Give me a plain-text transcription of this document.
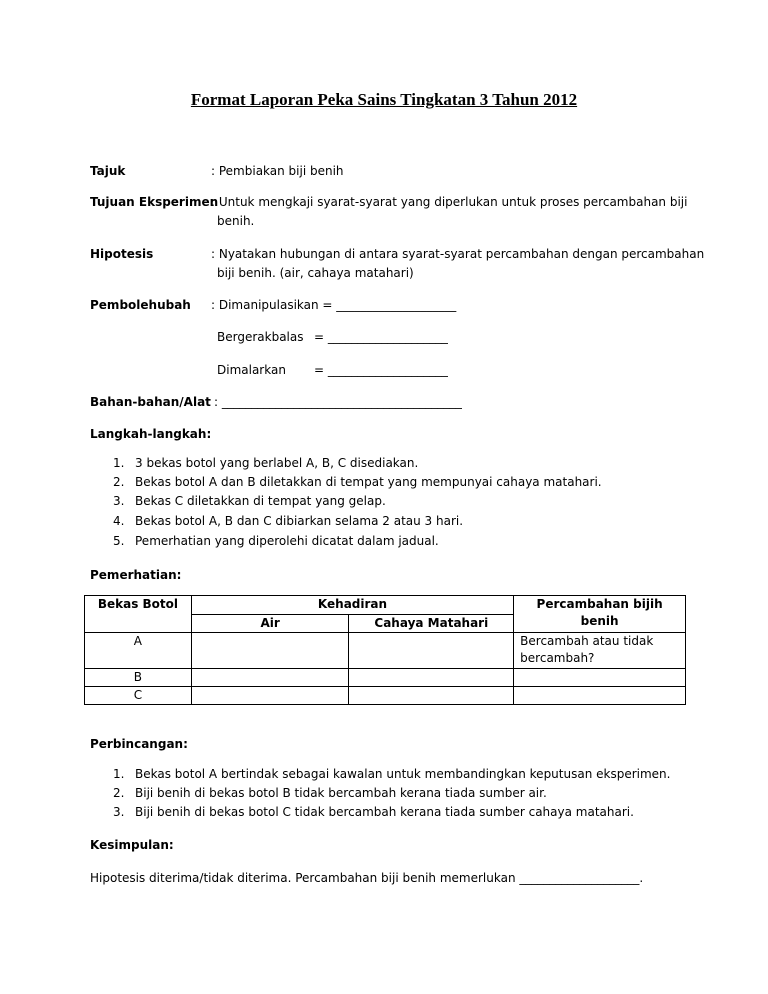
Format Laporan Peka Sains Tingkatan 3 Tahun 2012
Tajuk	: Pembiakan biji benih
Tujuan Eksperimen
: Untuk mengkaji syarat-syarat yang diperlukan untuk proses percambahan biji
benih.
Hipotesis	: Nyatakan hubungan di antara syarat-syarat percambahan dengan percambahan
biji benih. (air, cahaya matahari)
Pembolehubah : Dimanipulasikan = ____________________
Bergerakbalas = ____________________
Dimalarkan = ____________________
Bahan-bahan/Alat : ________________________________________
Langkah-langkah:
1. 3 bekas botol yang berlabel A, B, C disediakan.
2. Bekas botol A dan B diletakkan di tempat yang mempunyai cahaya matahari.
3. Bekas C diletakkan di tempat yang gelap.
4. Bekas botol A, B dan C dibiarkan selama 2 atau 3 hari.
5. Pemerhatian yang diperolehi dicatat dalam jadual.
Pemerhatian:
Bekas Botol	Kehadiran		Percambahan bijih benih
	Air	Cahaya Matahari	
A			Bercambah atau tidak bercambah?
B			
C			
Perbincangan:
1. Bekas botol A bertindak sebagai kawalan untuk membandingkan keputusan eksperimen.
2. Biji benih di bekas botol B tidak bercambah kerana tiada sumber air.
3. Biji benih di bekas botol C tidak bercambah kerana tiada sumber cahaya matahari.
Kesimpulan:
Hipotesis diterima/tidak diterima. Percambahan biji benih memerlukan ____________________.
